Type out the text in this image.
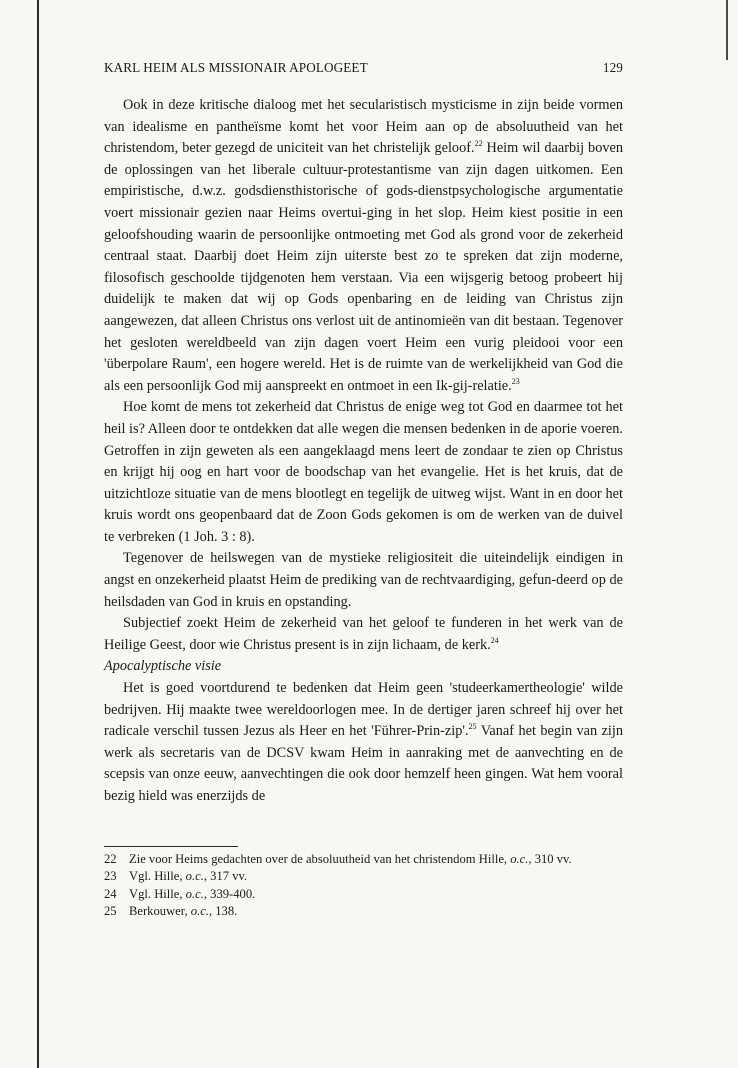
KARL HEIM ALS MISSIONAIR APOLOGEET	129

Ook in deze kritische dialoog met het secularistisch mysticisme in zijn beide vormen van idealisme en pantheïsme komt het voor Heim aan op de absoluutheid van het christendom, beter gezegd de uniciteit van het christelijk geloof.$^{22}$ Heim wil daarbij boven de oplossingen van het liberale cultuur-protestantisme van zijn dagen uitkomen. Een empiristische, d.w.z. godsdiensthistorische of gods-dienstpsychologische argumentatie voert missionair gezien naar Heims overtui-ging in het slop. Heim kiest positie in een geloofshouding waarin de persoonlijke ontmoeting met God als grond voor de zekerheid centraal staat. Daarbij doet Heim zijn uiterste best zo te spreken dat zijn moderne, filosofisch geschoolde tijdgenoten hem verstaan. Via een wijsgerig betoog probeert hij duidelijk te maken dat wij op Gods openbaring en de leiding van Christus zijn aangewezen, dat alleen Christus ons verlost uit de antinomieën van dit bestaan. Tegenover het gesloten wereldbeeld van zijn dagen voert Heim een vurig pleidooi voor een 'überpolare Raum', een hogere wereld. Het is de ruimte van de werkelijkheid van God die als een persoonlijk God mij aanspreekt en ontmoet in een Ik-gij-relatie.$^{23}$

Hoe komt de mens tot zekerheid dat Christus de enige weg tot God en daarmee tot het heil is? Alleen door te ontdekken dat alle wegen die mensen bedenken in de aporie voeren. Getroffen in zijn geweten als een aangeklaagd mens leert de zondaar te zien op Christus en krijgt hij oog en hart voor de boodschap van het evangelie. Het is het kruis, dat de uitzichtloze situatie van de mens blootlegt en tegelijk de uitweg wijst. Want in en door het kruis wordt ons geopenbaard dat de Zoon Gods gekomen is om de werken van de duivel te verbreken (1 Joh. 3 : 8).

Tegenover de heilswegen van de mystieke religiositeit die uiteindelijk eindigen in angst en onzekerheid plaatst Heim de prediking van de rechtvaardiging, gefun-deerd op de heilsdaden van God in kruis en opstanding.

Subjectief zoekt Heim de zekerheid van het geloof te funderen in het werk van de Heilige Geest, door wie Christus present is in zijn lichaam, de kerk.$^{24}$

Apocalyptische visie

Het is goed voortdurend te bedenken dat Heim geen 'studeerkamertheologie' wilde bedrijven. Hij maakte twee wereldoorlogen mee. In de dertiger jaren schreef hij over het radicale verschil tussen Jezus als Heer en het 'Führer-Prin-zip'.$^{25}$ Vanaf het begin van zijn werk als secretaris van de DCSV kwam Heim in aanraking met de aanvechting en de scepsis van onze eeuw, aanvechtingen die ook door hemzelf heen gingen. Wat hem vooral bezig hield was enerzijds de

22 Zie voor Heims gedachten over de absoluutheid van het christendom Hille, o.c., 310 vv.
23 Vgl. Hille, o.c., 317 vv.
24 Vgl. Hille, o.c., 339-400.
25 Berkouwer, o.c., 138.
